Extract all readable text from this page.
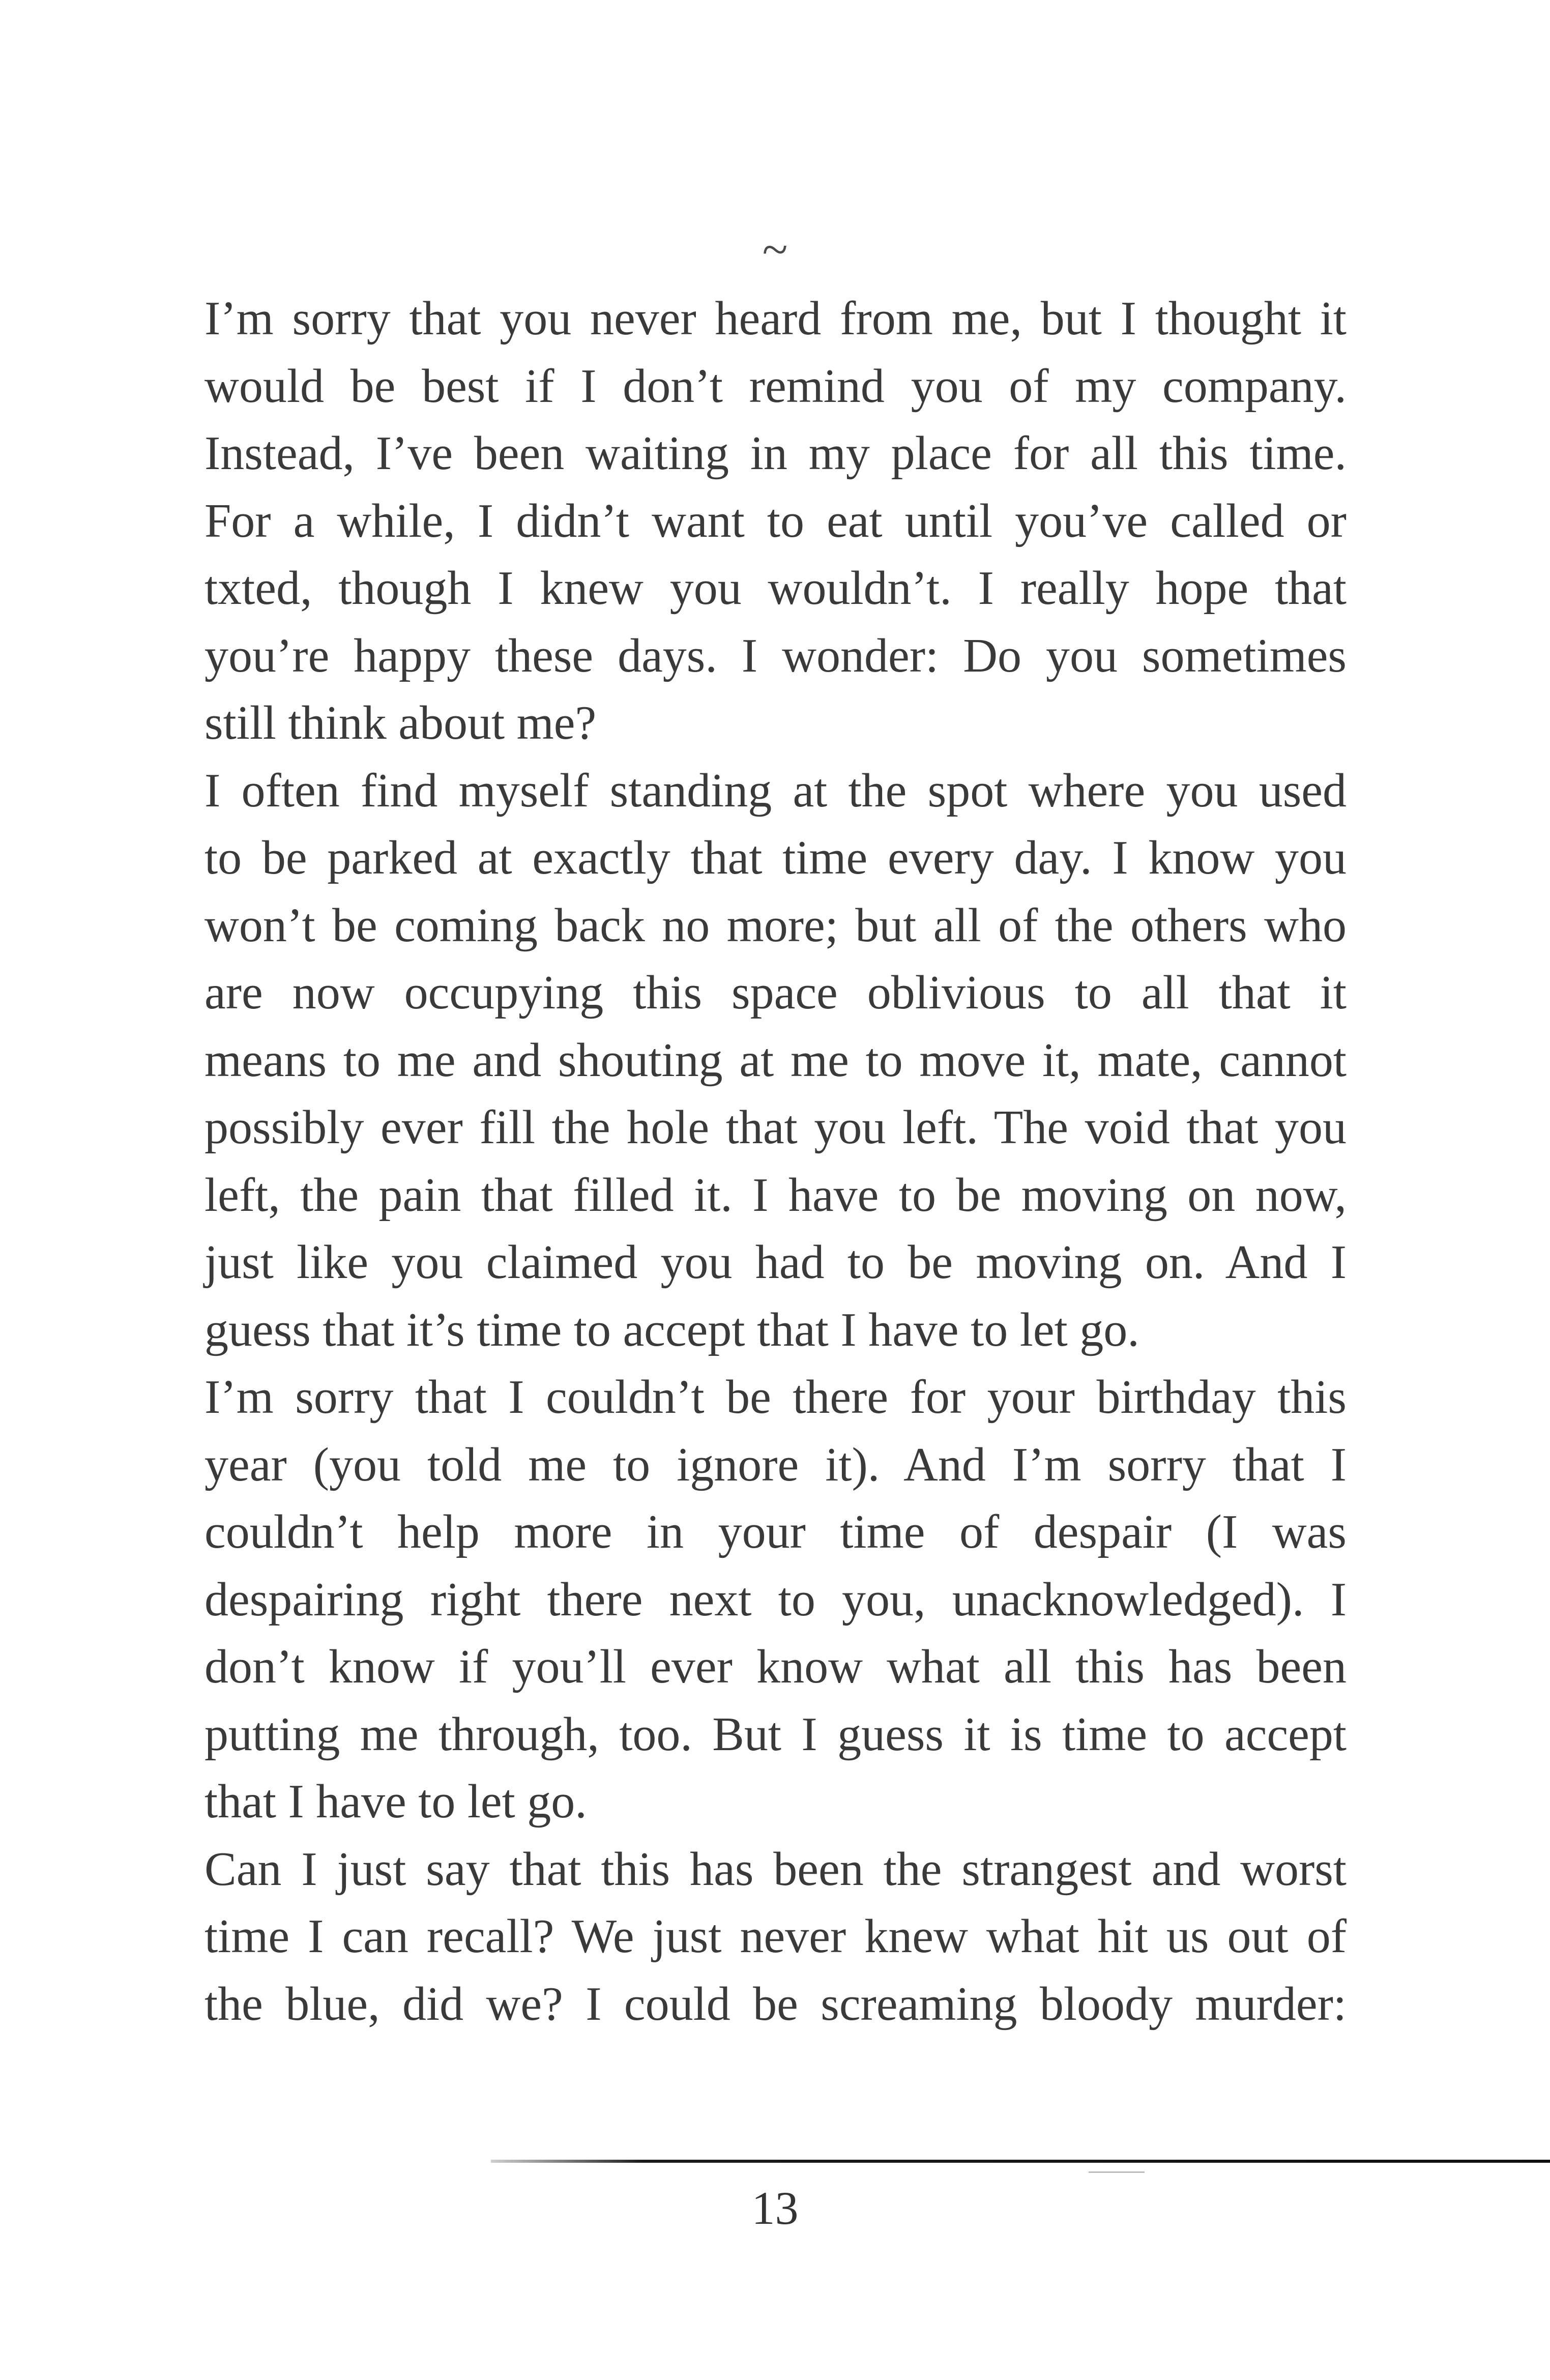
~
I’m sorry that you never heard from me, but I thought it
would be best if I don’t remind you of my company.
Instead, I’ve been waiting in my place for all this time.
For a while, I didn’t want to eat until you’ve called or
txted, though I knew you wouldn’t. I really hope that
you’re happy these days. I wonder: Do you sometimes
still think about me?
I often find myself standing at the spot where you used
to be parked at exactly that time every day. I know you
won’t be coming back no more; but all of the others who
are now occupying this space oblivious to all that it
means to me and shouting at me to move it, mate, cannot
possibly ever fill the hole that you left. The void that you
left, the pain that filled it. I have to be moving on now,
just like you claimed you had to be moving on. And I
guess that it’s time to accept that I have to let go.
I’m sorry that I couldn’t be there for your birthday this
year (you told me to ignore it). And I’m sorry that I
couldn’t help more in your time of despair (I was
despairing right there next to you, unacknowledged). I
don’t know if you’ll ever know what all this has been
putting me through, too. But I guess it is time to accept
that I have to let go.
Can I just say that this has been the strangest and worst
time I can recall? We just never knew what hit us out of
the blue, did we? I could be screaming bloody murder:
13
